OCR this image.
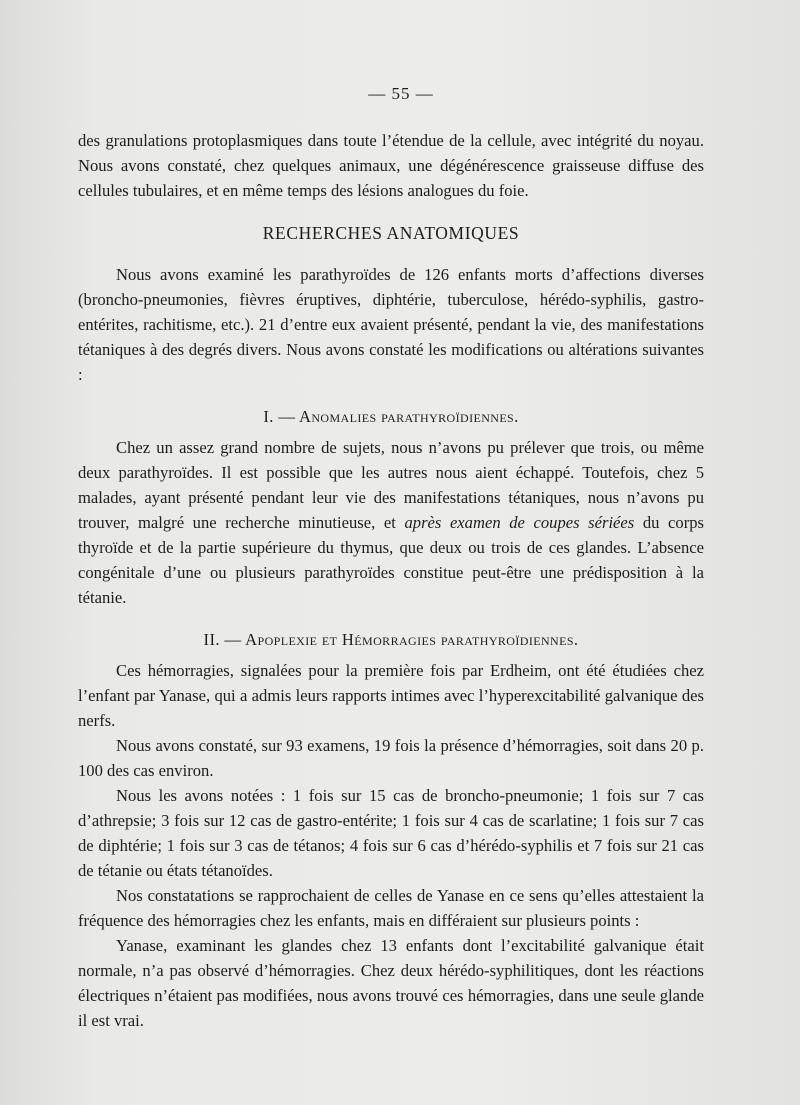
— 55 —

des granulations protoplasmiques dans toute l’étendue de la cellule, avec intégrité du noyau. Nous avons constaté, chez quelques animaux, une dégénérescence graisseuse diffuse des cellules tubulaires, et en même temps des lésions analogues du foie.

RECHERCHES ANATOMIQUES

Nous avons examiné les parathyroïdes de 126 enfants morts d’affections diverses (broncho-pneumonies, fièvres éruptives, diphtérie, tuberculose, hérédo-syphilis, gastro-entérites, rachitisme, etc.). 21 d’entre eux avaient présenté, pendant la vie, des manifestations tétaniques à des degrés divers. Nous avons constaté les modifications ou altérations suivantes :

I. — Anomalies parathyroïdiennes.

Chez un assez grand nombre de sujets, nous n’avons pu prélever que trois, ou même deux parathyroïdes. Il est possible que les autres nous aient échappé. Toutefois, chez 5 malades, ayant présenté pendant leur vie des manifestations tétaniques, nous n’avons pu trouver, malgré une recherche minutieuse, et après examen de coupes sériées du corps thyroïde et de la partie supérieure du thymus, que deux ou trois de ces glandes. L’absence congénitale d’une ou plusieurs parathyroïdes constitue peut-être une prédisposition à la tétanie.

II. — Apoplexie et Hémorragies parathyroïdiennes.

Ces hémorragies, signalées pour la première fois par Erdheim, ont été étudiées chez l’enfant par Yanase, qui a admis leurs rapports intimes avec l’hyperexcitabilité galvanique des nerfs.

Nous avons constaté, sur 93 examens, 19 fois la présence d’hémorragies, soit dans 20 p. 100 des cas environ.

Nous les avons notées : 1 fois sur 15 cas de broncho-pneumonie; 1 fois sur 7 cas d’athrepsie; 3 fois sur 12 cas de gastro-entérite; 1 fois sur 4 cas de scarlatine; 1 fois sur 7 cas de diphtérie; 1 fois sur 3 cas de tétanos; 4 fois sur 6 cas d’hérédo-syphilis et 7 fois sur 21 cas de tétanie ou états tétanoïdes.

Nos constatations se rapprochaient de celles de Yanase en ce sens qu’elles attestaient la fréquence des hémorragies chez les enfants, mais en différaient sur plusieurs points :

Yanase, examinant les glandes chez 13 enfants dont l’excitabilité galvanique était normale, n’a pas observé d’hémorragies. Chez deux hérédo-syphilitiques, dont les réactions électriques n’étaient pas modifiées, nous avons trouvé ces hémorragies, dans une seule glande il est vrai.
